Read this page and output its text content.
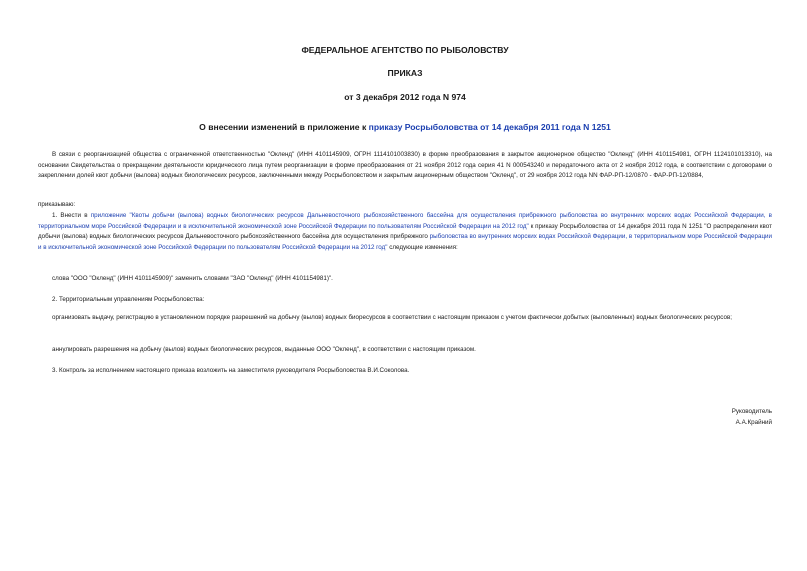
ФЕДЕРАЛЬНОЕ АГЕНТСТВО ПО РЫБОЛОВСТВУ
ПРИКАЗ
от 3 декабря 2012 года N 974
О внесении изменений в приложение к приказу Росрыболовства от 14 декабря 2011 года N 1251

В связи с реорганизацией общества с ограниченной ответственностью "Окленд" (ИНН 4101145909, ОГРН 1114101003830) в форме преобразования в закрытое акционерное общество "Окленд" (ИНН 4101154981, ОГРН 1124101013310), на основании Свидетельства о прекращении деятельности юридического лица путем реорганизации в форме преобразования от 21 ноября 2012 года серия 41 N 000543240 и передаточного акта от 2 ноября 2012 года, в соответствии с договорами о закреплении долей квот добычи (вылова) водных биологических ресурсов, заключенными между Росрыболовством и закрытым акционерным обществом "Окленд", от 29 ноября 2012 года NN ФАР-РП-12/0870 - ФАР-РП-12/0884,

приказываю:

1. Внести в приложение "Квоты добычи (вылова) водных биологических ресурсов Дальневосточного рыбохозяйственного бассейна для осуществления прибрежного рыболовства во внутренних морских водах Российской Федерации, в территориальном море Российской Федерации и в исключительной экономической зоне Российской Федерации по пользователям Российской Федерации на 2012 год" к приказу Росрыболовства от 14 декабря 2011 года N 1251 "О распределении квот добычи (вылова) водных биологических ресурсов Дальневосточного рыбохозяйственного бассейна для осуществления прибрежного рыболовства во внутренних морских водах Российской Федерации, в территориальном море Российской Федерации и в исключительной экономической зоне Российской Федерации по пользователям Российской Федерации на 2012 год" следующие изменения:

слова "ООО "Окленд" (ИНН 4101145909)" заменить словами "ЗАО "Окленд" (ИНН 4101154981)".

2. Территориальным управлениям Росрыболовства:

организовать выдачу, регистрацию в установленном порядке разрешений на добычу (вылов) водных биоресурсов в соответствии с настоящим приказом с учетом фактически добытых (выловленных) водных биологических ресурсов;

аннулировать разрешения на добычу (вылов) водных биологических ресурсов, выданные ООО "Окленд", в соответствии с настоящим приказом.

3. Контроль за исполнением настоящего приказа возложить на заместителя руководителя Росрыболовства В.И.Соколова.

Руководитель

А.А.Крайний
